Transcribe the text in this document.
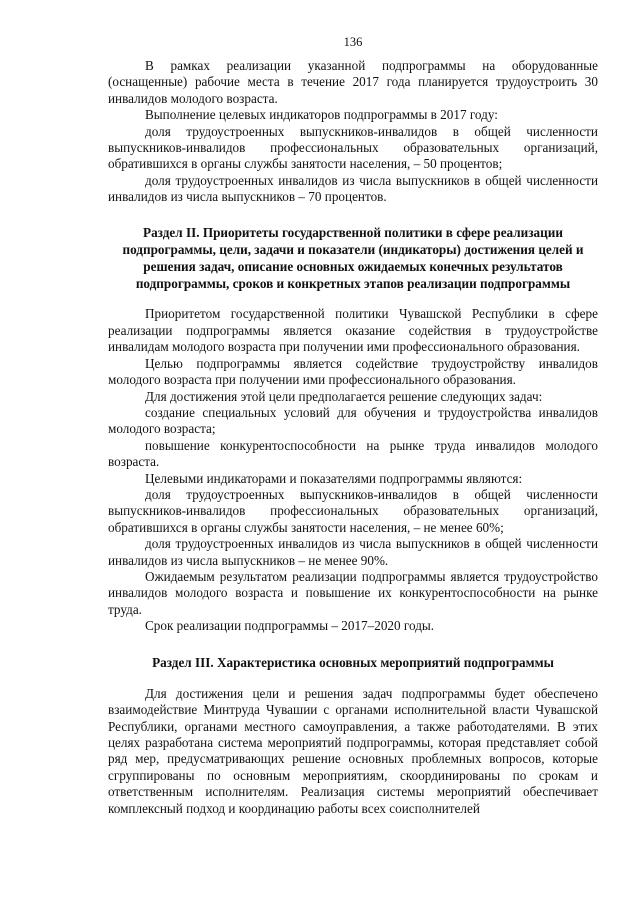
136

В рамках реализации указанной подпрограммы на оборудованные (оснащенные) рабочие места в течение 2017 года планируется трудоустроить 30 инвалидов молодого возраста.

Выполнение целевых индикаторов подпрограммы в 2017 году:

доля трудоустроенных выпускников-инвалидов в общей численности выпускников-инвалидов профессиональных образовательных организаций, обратившихся в органы службы занятости населения, – 50 процентов;

доля трудоустроенных инвалидов из числа выпускников в общей численности инвалидов из числа выпускников – 70 процентов.

Раздел II. Приоритеты государственной политики в сфере реализации подпрограммы, цели, задачи и показатели (индикаторы) достижения целей и решения задач, описание основных ожидаемых конечных результатов подпрограммы, сроков и конкретных этапов реализации подпрограммы

Приоритетом государственной политики Чувашской Республики в сфере реализации подпрограммы является оказание содействия в трудоустройстве инвалидам молодого возраста при получении ими профессионального образования.

Целью подпрограммы является содействие трудоустройству инвалидов молодого возраста при получении ими профессионального образования.

Для достижения этой цели предполагается решение следующих задач:

создание специальных условий для обучения и трудоустройства инвалидов молодого возраста;

повышение конкурентоспособности на рынке труда инвалидов молодого возраста.

Целевыми индикаторами и показателями подпрограммы являются:

доля трудоустроенных выпускников-инвалидов в общей численности выпускников-инвалидов профессиональных образовательных организаций, обратившихся в органы службы занятости населения, – не менее 60%;

доля трудоустроенных инвалидов из числа выпускников в общей численности инвалидов из числа выпускников – не менее 90%.

Ожидаемым результатом реализации подпрограммы является трудоустройство инвалидов молодого возраста и повышение их конкурентоспособности на рынке труда.

Срок реализации подпрограммы – 2017–2020 годы.

Раздел III. Характеристика основных мероприятий подпрограммы

Для достижения цели и решения задач подпрограммы будет обеспечено взаимодействие Минтруда Чувашии с органами исполнительной власти Чувашской Республики, органами местного самоуправления, а также работодателями. В этих целях разработана система мероприятий подпрограммы, которая представляет собой ряд мер, предусматривающих решение основных проблемных вопросов, которые сгруппированы по основным мероприятиям, скоординированы по срокам и ответственным исполнителям. Реализация системы мероприятий обеспечивает комплексный подход и координацию работы всех соисполнителей
